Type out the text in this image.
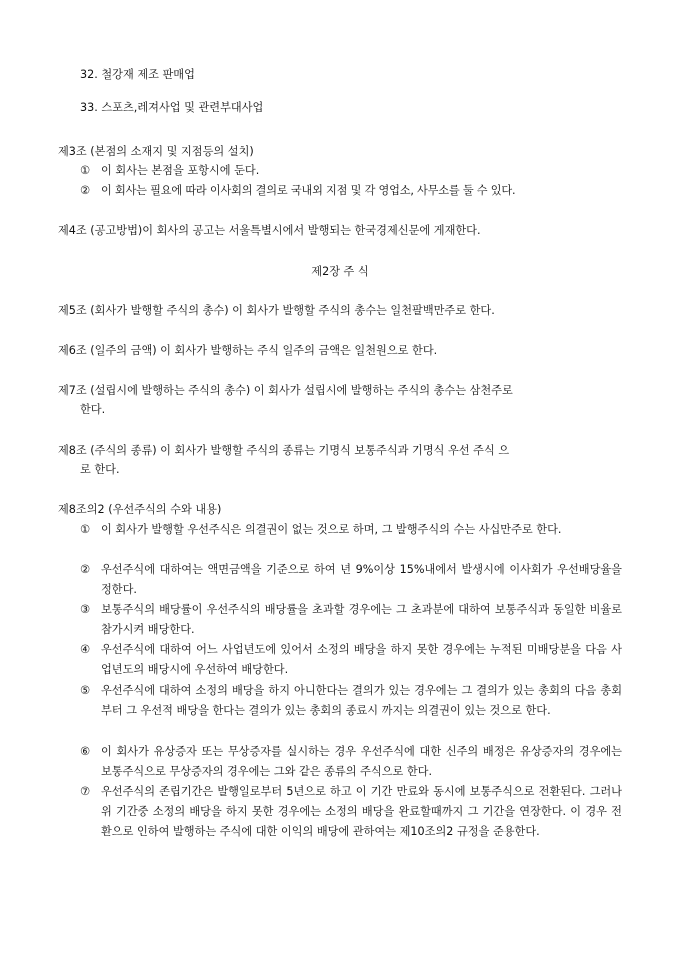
32. 철강재 제조 판매업
33. 스포츠,레져사업 및 관련부대사업
제3조 (본점의 소재지 및 지점등의 설치)
① 이 회사는 본점을 포항시에 둔다.
② 이 회사는 필요에 따라 이사회의 결의로 국내외 지점 및 각 영업소, 사무소를 둘 수 있다.
제4조 (공고방법)이 회사의 공고는 서울특별시에서 발행되는 한국경제신문에 게재한다.
제2장 주 식
제5조 (회사가 발행할 주식의 총수) 이 회사가 발행할 주식의 총수는 일천팔백만주로 한다.
제6조 (일주의 금액) 이 회사가 발행하는 주식 일주의 금액은 일천원으로 한다.
제7조 (설립시에 발행하는 주식의 총수) 이 회사가 설립시에 발행하는 주식의 총수는 삼천주로
한다.
제8조 (주식의 종류) 이 회사가 발행할 주식의 종류는 기명식 보통주식과 기명식 우선 주식 으
로 한다.
제8조의2 (우선주식의 수와 내용)
① 이 회사가 발행할 우선주식은 의결권이 없는 것으로 하며, 그 발행주식의 수는 사십만주로 한다.
② 우선주식에 대하여는 액면금액을 기준으로 하여 년 9%이상 15%내에서 발생시에 이사회가 우선배당율을 정한다.
③ 보통주식의 배당률이 우선주식의 배당률을 초과할 경우에는 그 초과분에 대하여 보통주식과 동일한 비율로 참가시켜 배당한다.
④ 우선주식에 대하여 어느 사업년도에 있어서 소정의 배당을 하지 못한 경우에는 누적된 미배당분을 다음 사업년도의 배당시에 우선하여 배당한다.
⑤ 우선주식에 대하여 소정의 배당을 하지 아니한다는 결의가 있는 경우에는 그 결의가 있는 총회의 다음 총회부터 그 우선적 배당을 한다는 결의가 있는 총회의 종료시 까지는 의결권이 있는 것으로 한다.
⑥ 이 회사가 유상증자 또는 무상증자를 실시하는 경우 우선주식에 대한 신주의 배정은 유상증자의 경우에는 보통주식으로 무상증자의 경우에는 그와 같은 종류의 주식으로 한다.
⑦ 우선주식의 존립기간은 발행일로부터 5년으로 하고 이 기간 만료와 동시에 보통주식으로 전환된다. 그러나 위 기간중 소정의 배당을 하지 못한 경우에는 소정의 배당을 완료할때까지 그 기간을 연장한다. 이 경우 전환으로 인하여 발행하는 주식에 대한 이익의 배당에 관하여는 제10조의2 규정을 준용한다.
